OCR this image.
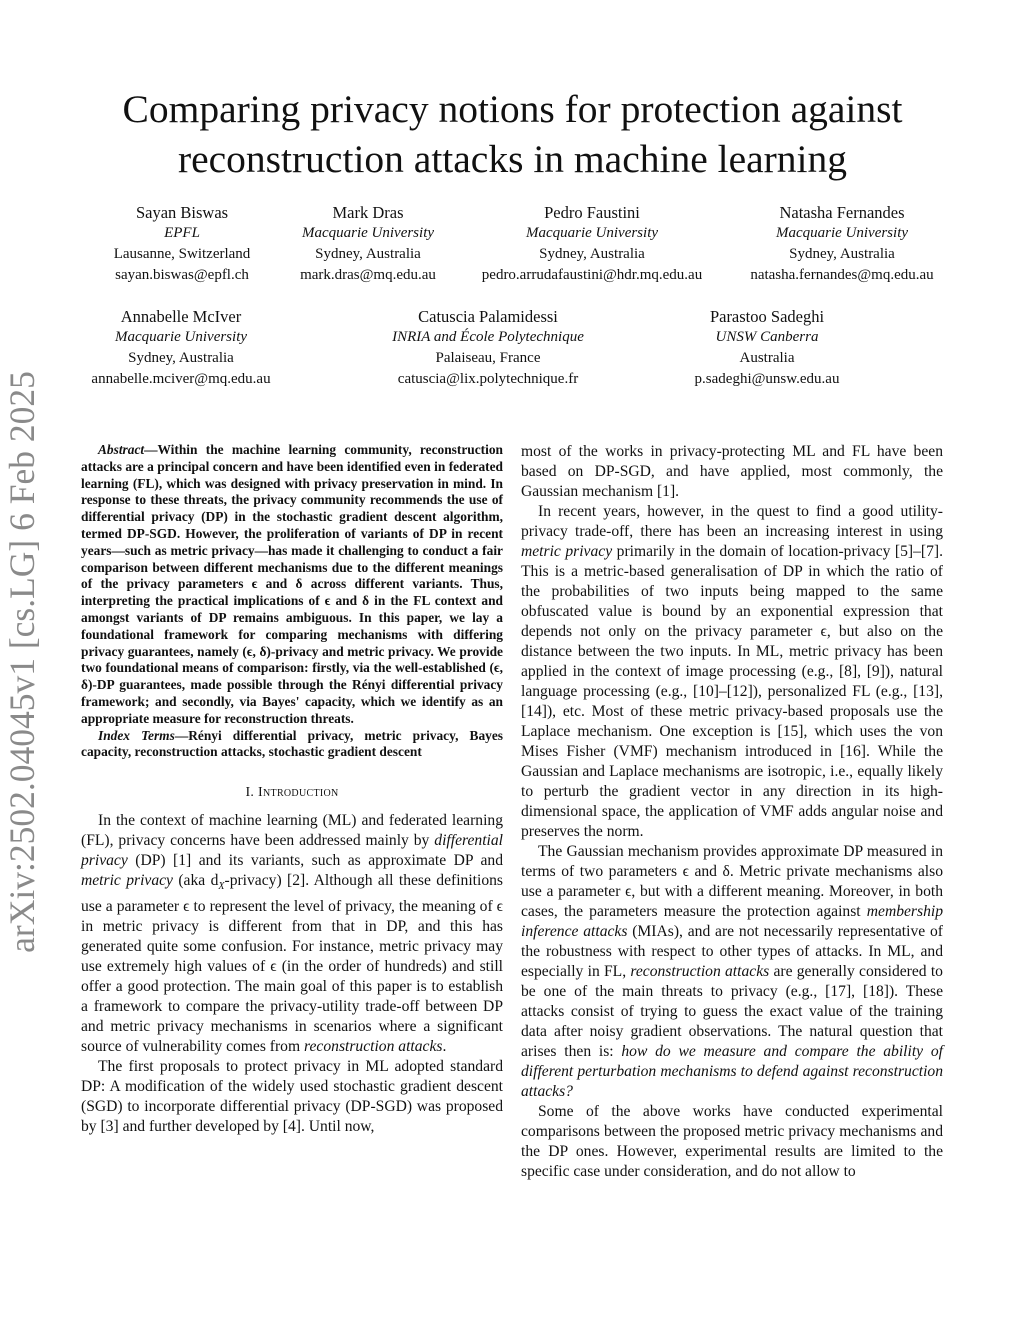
arXiv:2502.04045v1 [cs.LG] 6 Feb 2025
Comparing privacy notions for protection against
reconstruction attacks in machine learning
Sayan Biswas
EPFL
Lausanne, Switzerland
sayan.biswas@epfl.ch
Mark Dras
Macquarie University
Sydney, Australia
mark.dras@mq.edu.au
Pedro Faustini
Macquarie University
Sydney, Australia
pedro.arrudafaustini@hdr.mq.edu.au
Natasha Fernandes
Macquarie University
Sydney, Australia
natasha.fernandes@mq.edu.au
Annabelle McIver
Macquarie University
Sydney, Australia
annabelle.mciver@mq.edu.au
Catuscia Palamidessi
INRIA and École Polytechnique
Palaiseau, France
catuscia@lix.polytechnique.fr
Parastoo Sadeghi
UNSW Canberra
Australia
p.sadeghi@unsw.edu.au

Abstract—Within the machine learning community, reconstruction attacks are a principal concern and have been identified even in federated learning (FL), which was designed with privacy preservation in mind. In response to these threats, the privacy community recommends the use of differential privacy (DP) in the stochastic gradient descent algorithm, termed DP-SGD. However, the proliferation of variants of DP in recent years—such as metric privacy—has made it challenging to conduct a fair comparison between different mechanisms due to the different meanings of the privacy parameters ϵ and δ across different variants. Thus, interpreting the practical implications of ϵ and δ in the FL context and amongst variants of DP remains ambiguous. In this paper, we lay a foundational framework for comparing mechanisms with differing privacy guarantees, namely (ϵ, δ)-privacy and metric privacy. We provide two foundational means of comparison: firstly, via the well-established (ϵ, δ)-DP guarantees, made possible through the Rényi differential privacy framework; and secondly, via Bayes' capacity, which we identify as an appropriate measure for reconstruction threats.

Index Terms—Rényi differential privacy, metric privacy, Bayes capacity, reconstruction attacks, stochastic gradient descent

I. Introduction

In the context of machine learning (ML) and federated learning (FL), privacy concerns have been addressed mainly by differential privacy (DP) [1] and its variants, such as approximate DP and metric privacy (aka $d_X-privacy$) [2]. Although all these definitions use a parameter ϵ to represent the level of privacy, the meaning of ϵ in metric privacy is different from that in DP, and this has generated quite some confusion. For instance, metric privacy may use extremely high values of ϵ (in the order of hundreds) and still offer a good protection. The main goal of this paper is to establish a framework to compare the privacy-utility trade-off between DP and metric privacy mechanisms in scenarios where a significant source of vulnerability comes from reconstruction attacks.

The first proposals to protect privacy in ML adopted standard DP: A modification of the widely used stochastic gradient descent (SGD) to incorporate differential privacy (DP-SGD) was proposed by [3] and further developed by [4]. Until now,

most of the works in privacy-protecting ML and FL have been based on DP-SGD, and have applied, most commonly, the Gaussian mechanism [1].

In recent years, however, in the quest to find a good utility-privacy trade-off, there has been an increasing interest in using metric privacy primarily in the domain of location-privacy [5]–[7]. This is a metric-based generalisation of DP in which the ratio of the probabilities of two inputs being mapped to the same obfuscated value is bound by an exponential expression that depends not only on the privacy parameter ϵ, but also on the distance between the two inputs. In ML, metric privacy has been applied in the context of image processing (e.g., [8], [9]), natural language processing (e.g., [10]–[12]), personalized FL (e.g., [13], [14]), etc. Most of these metric privacy-based proposals use the Laplace mechanism. One exception is [15], which uses the von Mises Fisher (VMF) mechanism introduced in [16]. While the Gaussian and Laplace mechanisms are isotropic, i.e., equally likely to perturb the gradient vector in any direction in its high-dimensional space, the application of VMF adds angular noise and preserves the norm.

The Gaussian mechanism provides approximate DP measured in terms of two parameters ϵ and δ. Metric private mechanisms also use a parameter ϵ, but with a different meaning. Moreover, in both cases, the parameters measure the protection against membership inference attacks (MIAs), and are not necessarily representative of the robustness with respect to other types of attacks. In ML, and especially in FL, reconstruction attacks are generally considered to be one of the main threats to privacy (e.g., [17], [18]). These attacks consist of trying to guess the exact value of the training data after noisy gradient observations. The natural question that arises then is: how do we measure and compare the ability of different perturbation mechanisms to defend against reconstruction attacks?

Some of the above works have conducted experimental comparisons between the proposed metric privacy mechanisms and the DP ones. However, experimental results are limited to the specific case under consideration, and do not allow to
